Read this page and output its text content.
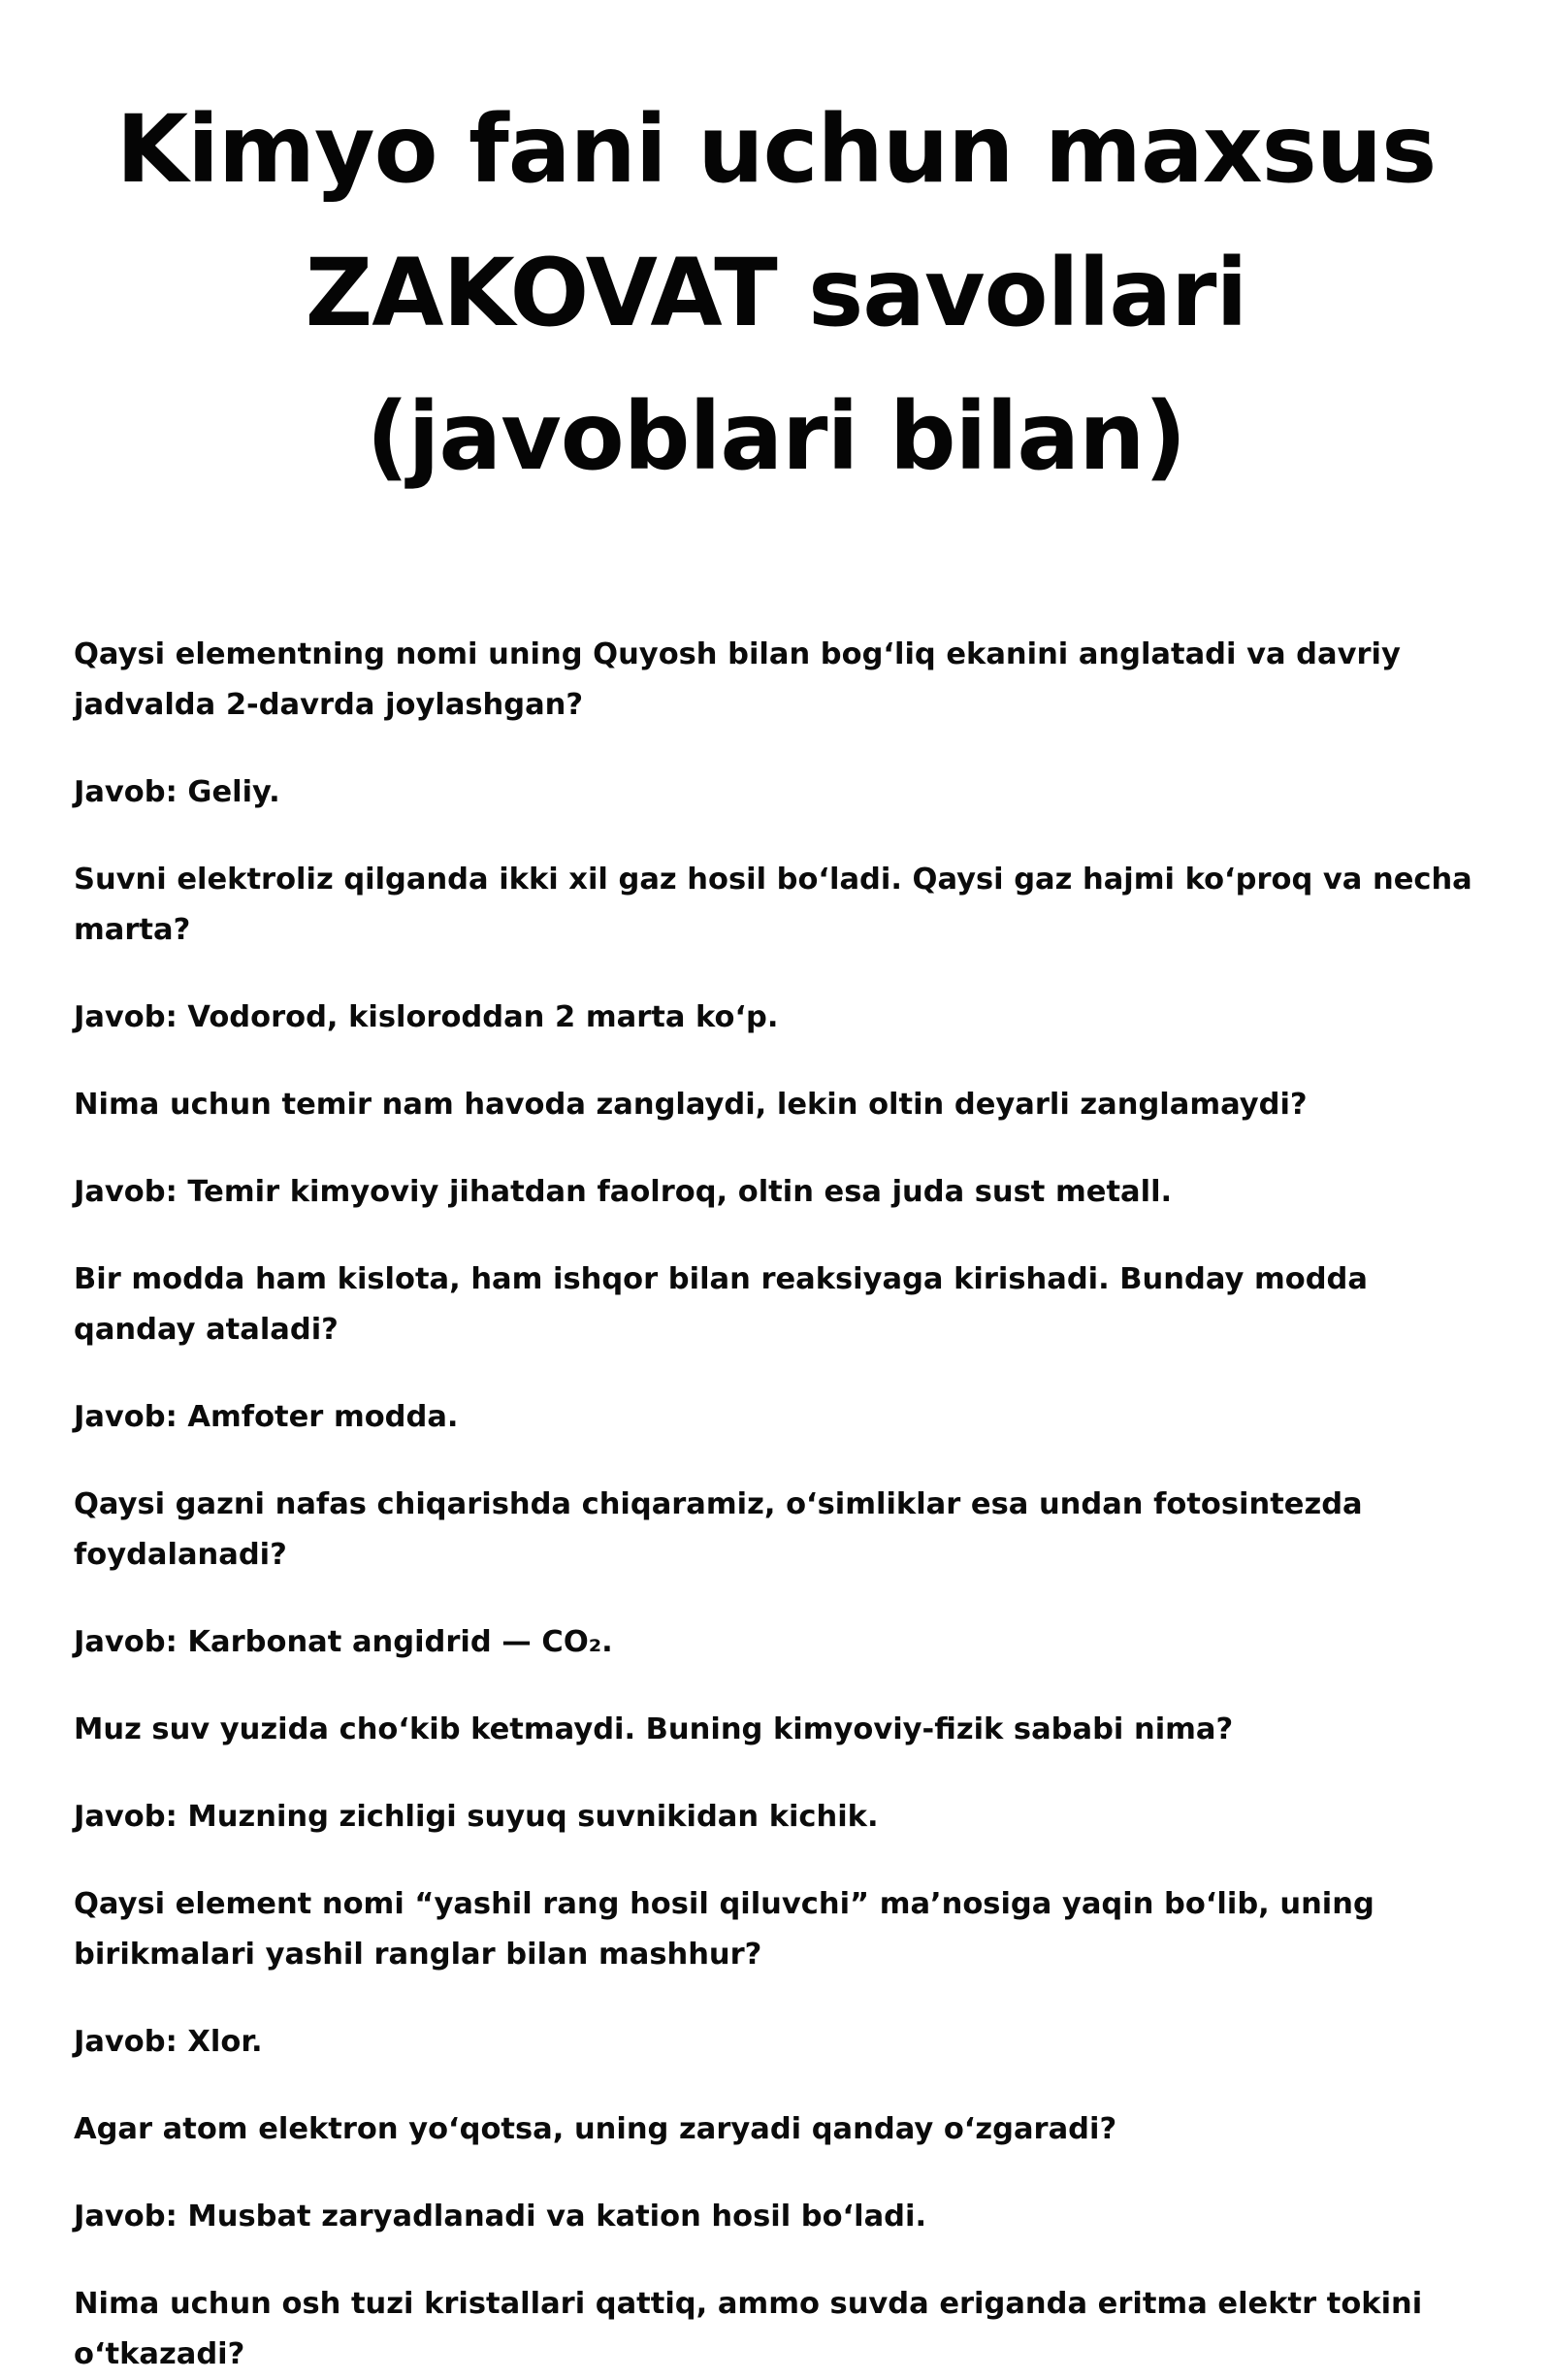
Kimyo fani uchun maxsus ZAKOVAT savollari (javoblari bilan)

Qaysi elementning nomi uning Quyosh bilan bogʻliq ekanini anglatadi va davriy jadvalda 2-davrda joylashgan?

Javob: Geliy.

Suvni elektroliz qilganda ikki xil gaz hosil boʻladi. Qaysi gaz hajmi koʻproq va necha marta?

Javob: Vodorod, kisloroddan 2 marta koʻp.

Nima uchun temir nam havoda zanglaydi, lekin oltin deyarli zanglamaydi?

Javob: Temir kimyoviy jihatdan faolroq, oltin esa juda sust metall.

Bir modda ham kislota, ham ishqor bilan reaksiyaga kirishadi. Bunday modda qanday ataladi?

Javob: Amfoter modda.

Qaysi gazni nafas chiqarishda chiqaramiz, oʻsimliklar esa undan fotosintezda foydalanadi?

Javob: Karbonat angidrid — CO₂.

Muz suv yuzida choʻkib ketmaydi. Buning kimyoviy-fizik sababi nima?

Javob: Muzning zichligi suyuq suvnikidan kichik.

Qaysi element nomi “yashil rang hosil qiluvchi” maʼnosiga yaqin boʻlib, uning birikmalari yashil ranglar bilan mashhur?

Javob: Xlor.

Agar atom elektron yoʻqotsa, uning zaryadi qanday oʻzgaradi?

Javob: Musbat zaryadlanadi va kation hosil boʻladi.

Nima uchun osh tuzi kristallari qattiq, ammo suvda eriganda eritma elektr tokini oʻtkazadi?
